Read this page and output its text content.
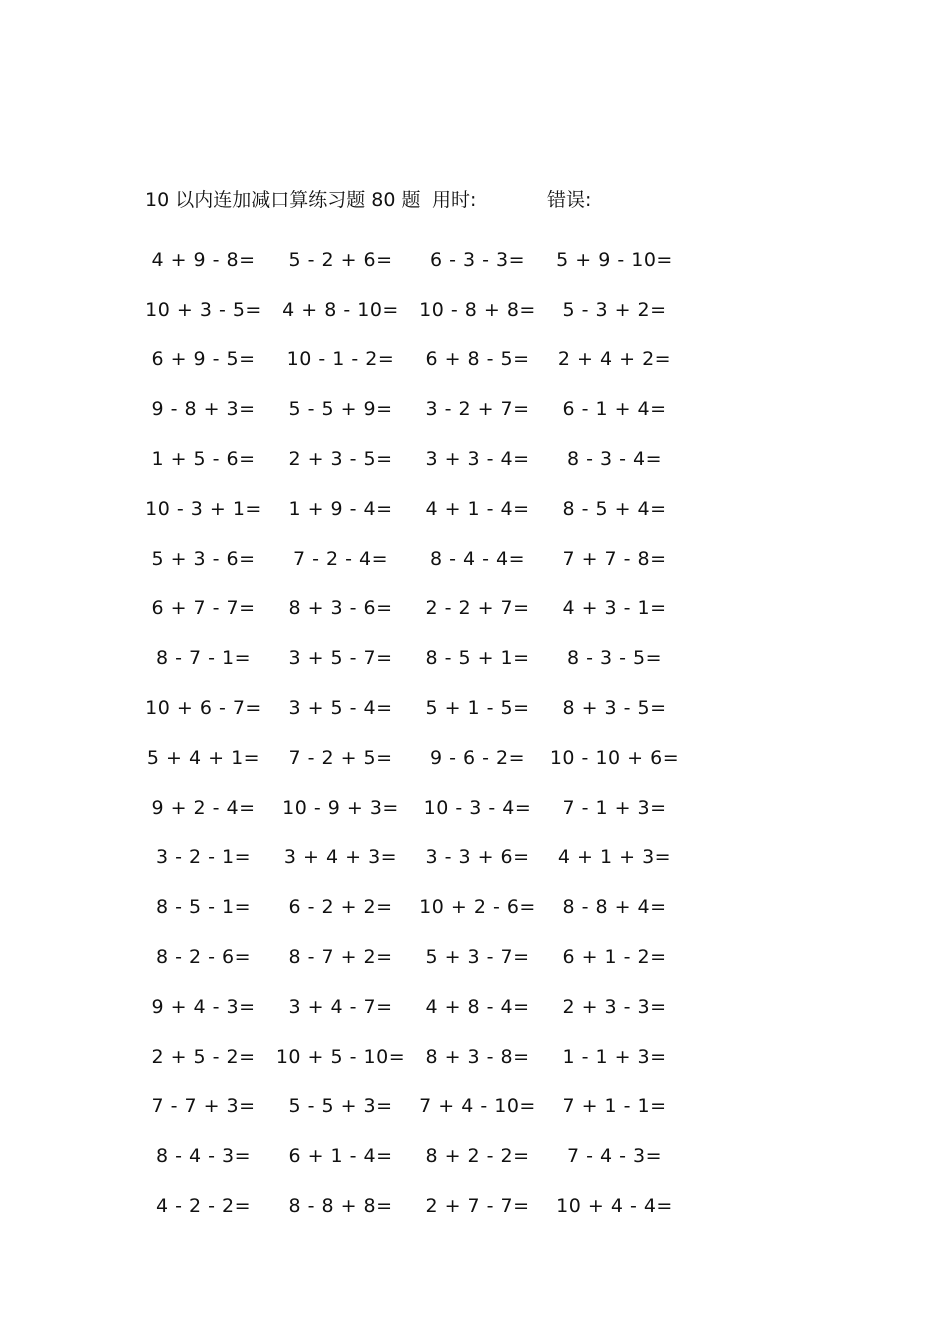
10 以内连加减口算练习题 80 题 用时:	错误:
4 + 9 - 8=	5 - 2 + 6=	6 - 3 - 3=	5 + 9 - 10=
10 + 3 - 5=	4 + 8 - 10=	10 - 8 + 8=	5 - 3 + 2=
6 + 9 - 5=	10 - 1 - 2=	6 + 8 - 5=	2 + 4 + 2=
9 - 8 + 3=	5 - 5 + 9=	3 - 2 + 7=	6 - 1 + 4=
1 + 5 - 6=	2 + 3 - 5=	3 + 3 - 4=	8 - 3 - 4=
10 - 3 + 1=	1 + 9 - 4=	4 + 1 - 4=	8 - 5 + 4=
5 + 3 - 6=	7 - 2 - 4=	8 - 4 - 4=	7 + 7 - 8=
6 + 7 - 7=	8 + 3 - 6=	2 - 2 + 7=	4 + 3 - 1=
8 - 7 - 1=	3 + 5 - 7=	8 - 5 + 1=	8 - 3 - 5=
10 + 6 - 7=	3 + 5 - 4=	5 + 1 - 5=	8 + 3 - 5=
5 + 4 + 1=	7 - 2 + 5=	9 - 6 - 2=	10 - 10 + 6=
9 + 2 - 4=	10 - 9 + 3=	10 - 3 - 4=	7 - 1 + 3=
3 - 2 - 1=	3 + 4 + 3=	3 - 3 + 6=	4 + 1 + 3=
8 - 5 - 1=	6 - 2 + 2=	10 + 2 - 6=	8 - 8 + 4=
8 - 2 - 6=	8 - 7 + 2=	5 + 3 - 7=	6 + 1 - 2=
9 + 4 - 3=	3 + 4 - 7=	4 + 8 - 4=	2 + 3 - 3=
2 + 5 - 2=	10 + 5 - 10=	8 + 3 - 8=	1 - 1 + 3=
7 - 7 + 3=	5 - 5 + 3=	7 + 4 - 10=	7 + 1 - 1=
8 - 4 - 3=	6 + 1 - 4=	8 + 2 - 2=	7 - 4 - 3=
4 - 2 - 2=	8 - 8 + 8=	2 + 7 - 7=	10 + 4 - 4=
